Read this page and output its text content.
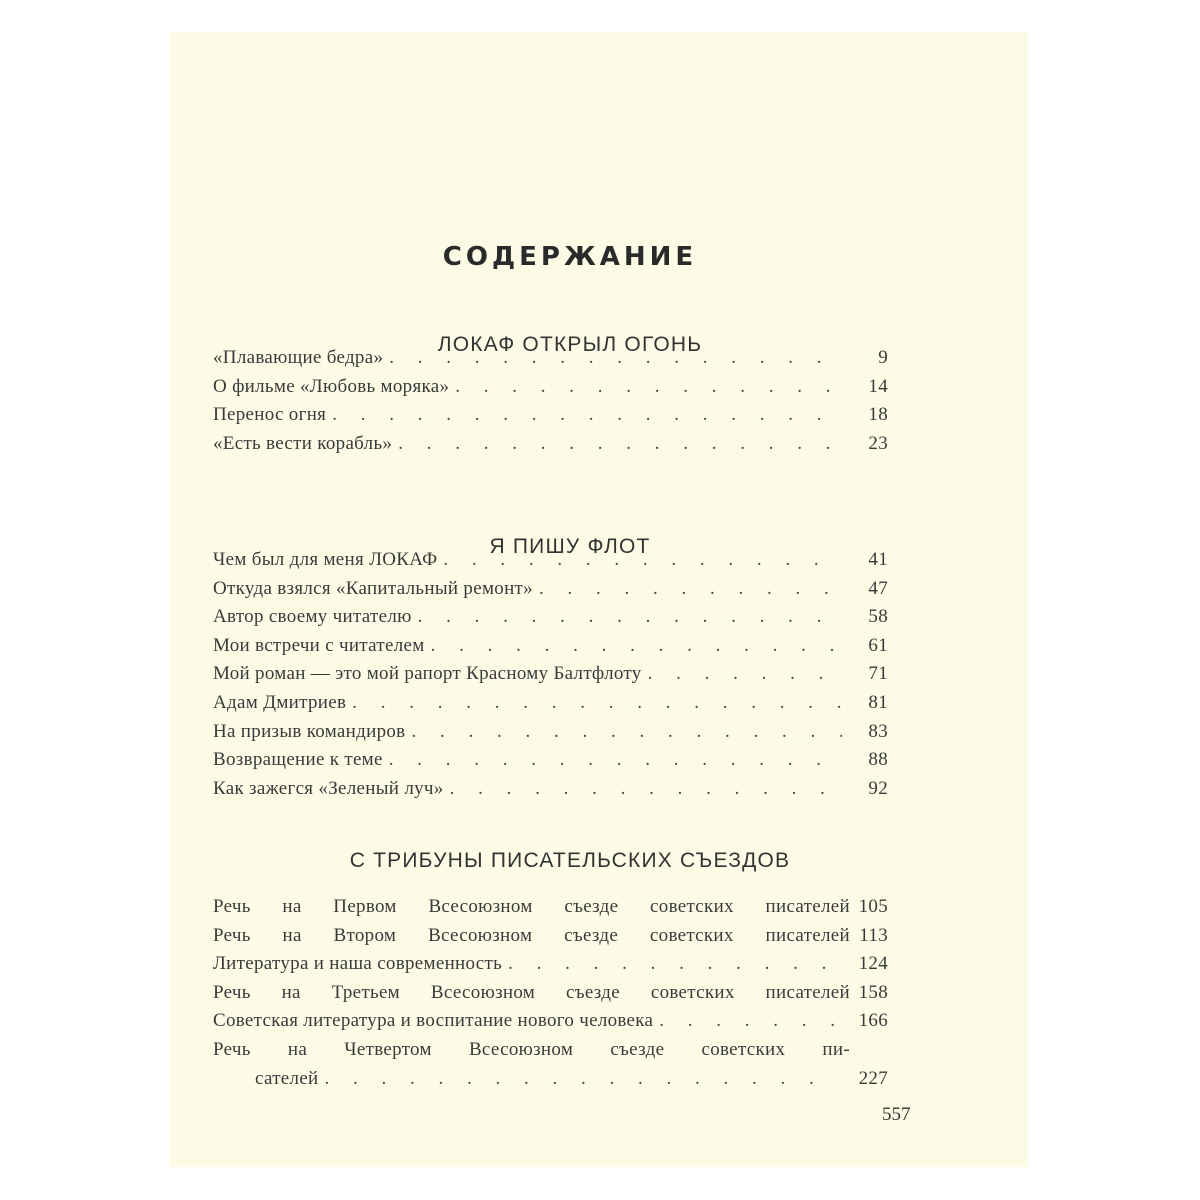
СОДЕРЖАНИЕ
ЛОКАФ ОТКРЫЛ ОГОНЬ
«Плавающие бедра» .	9
О фильме «Любовь моряка» .	14
Перенос огня .	18
«Есть вести корабль» .	23
Я ПИШУ ФЛОТ
Чем был для меня ЛОКАФ .	41
Откуда взялся «Капитальный ремонт» .	47
Автор своему читателю .	58
Мои встречи с читателем .	61
Мой роман — это мой рапорт Красному Балтфлоту .	71
Адам Дмитриев .	81
На призыв командиров .	83
Возвращение к теме .	88
Как зажегся «Зеленый луч» .	92
С ТРИБУНЫ ПИСАТЕЛЬСКИХ СЪЕЗДОВ
Речь на Первом Всесоюзном съезде советских писателей 105
Речь на Втором Всесоюзном съезде советских писателей 113
Литература и наша современность .	124
Речь на Третьем Всесоюзном съезде советских писателей 158
Советская литература и воспитание нового человека .	166
Речь на Четвертом Всесоюзном съезде советских пи-
сателей .	227
557
